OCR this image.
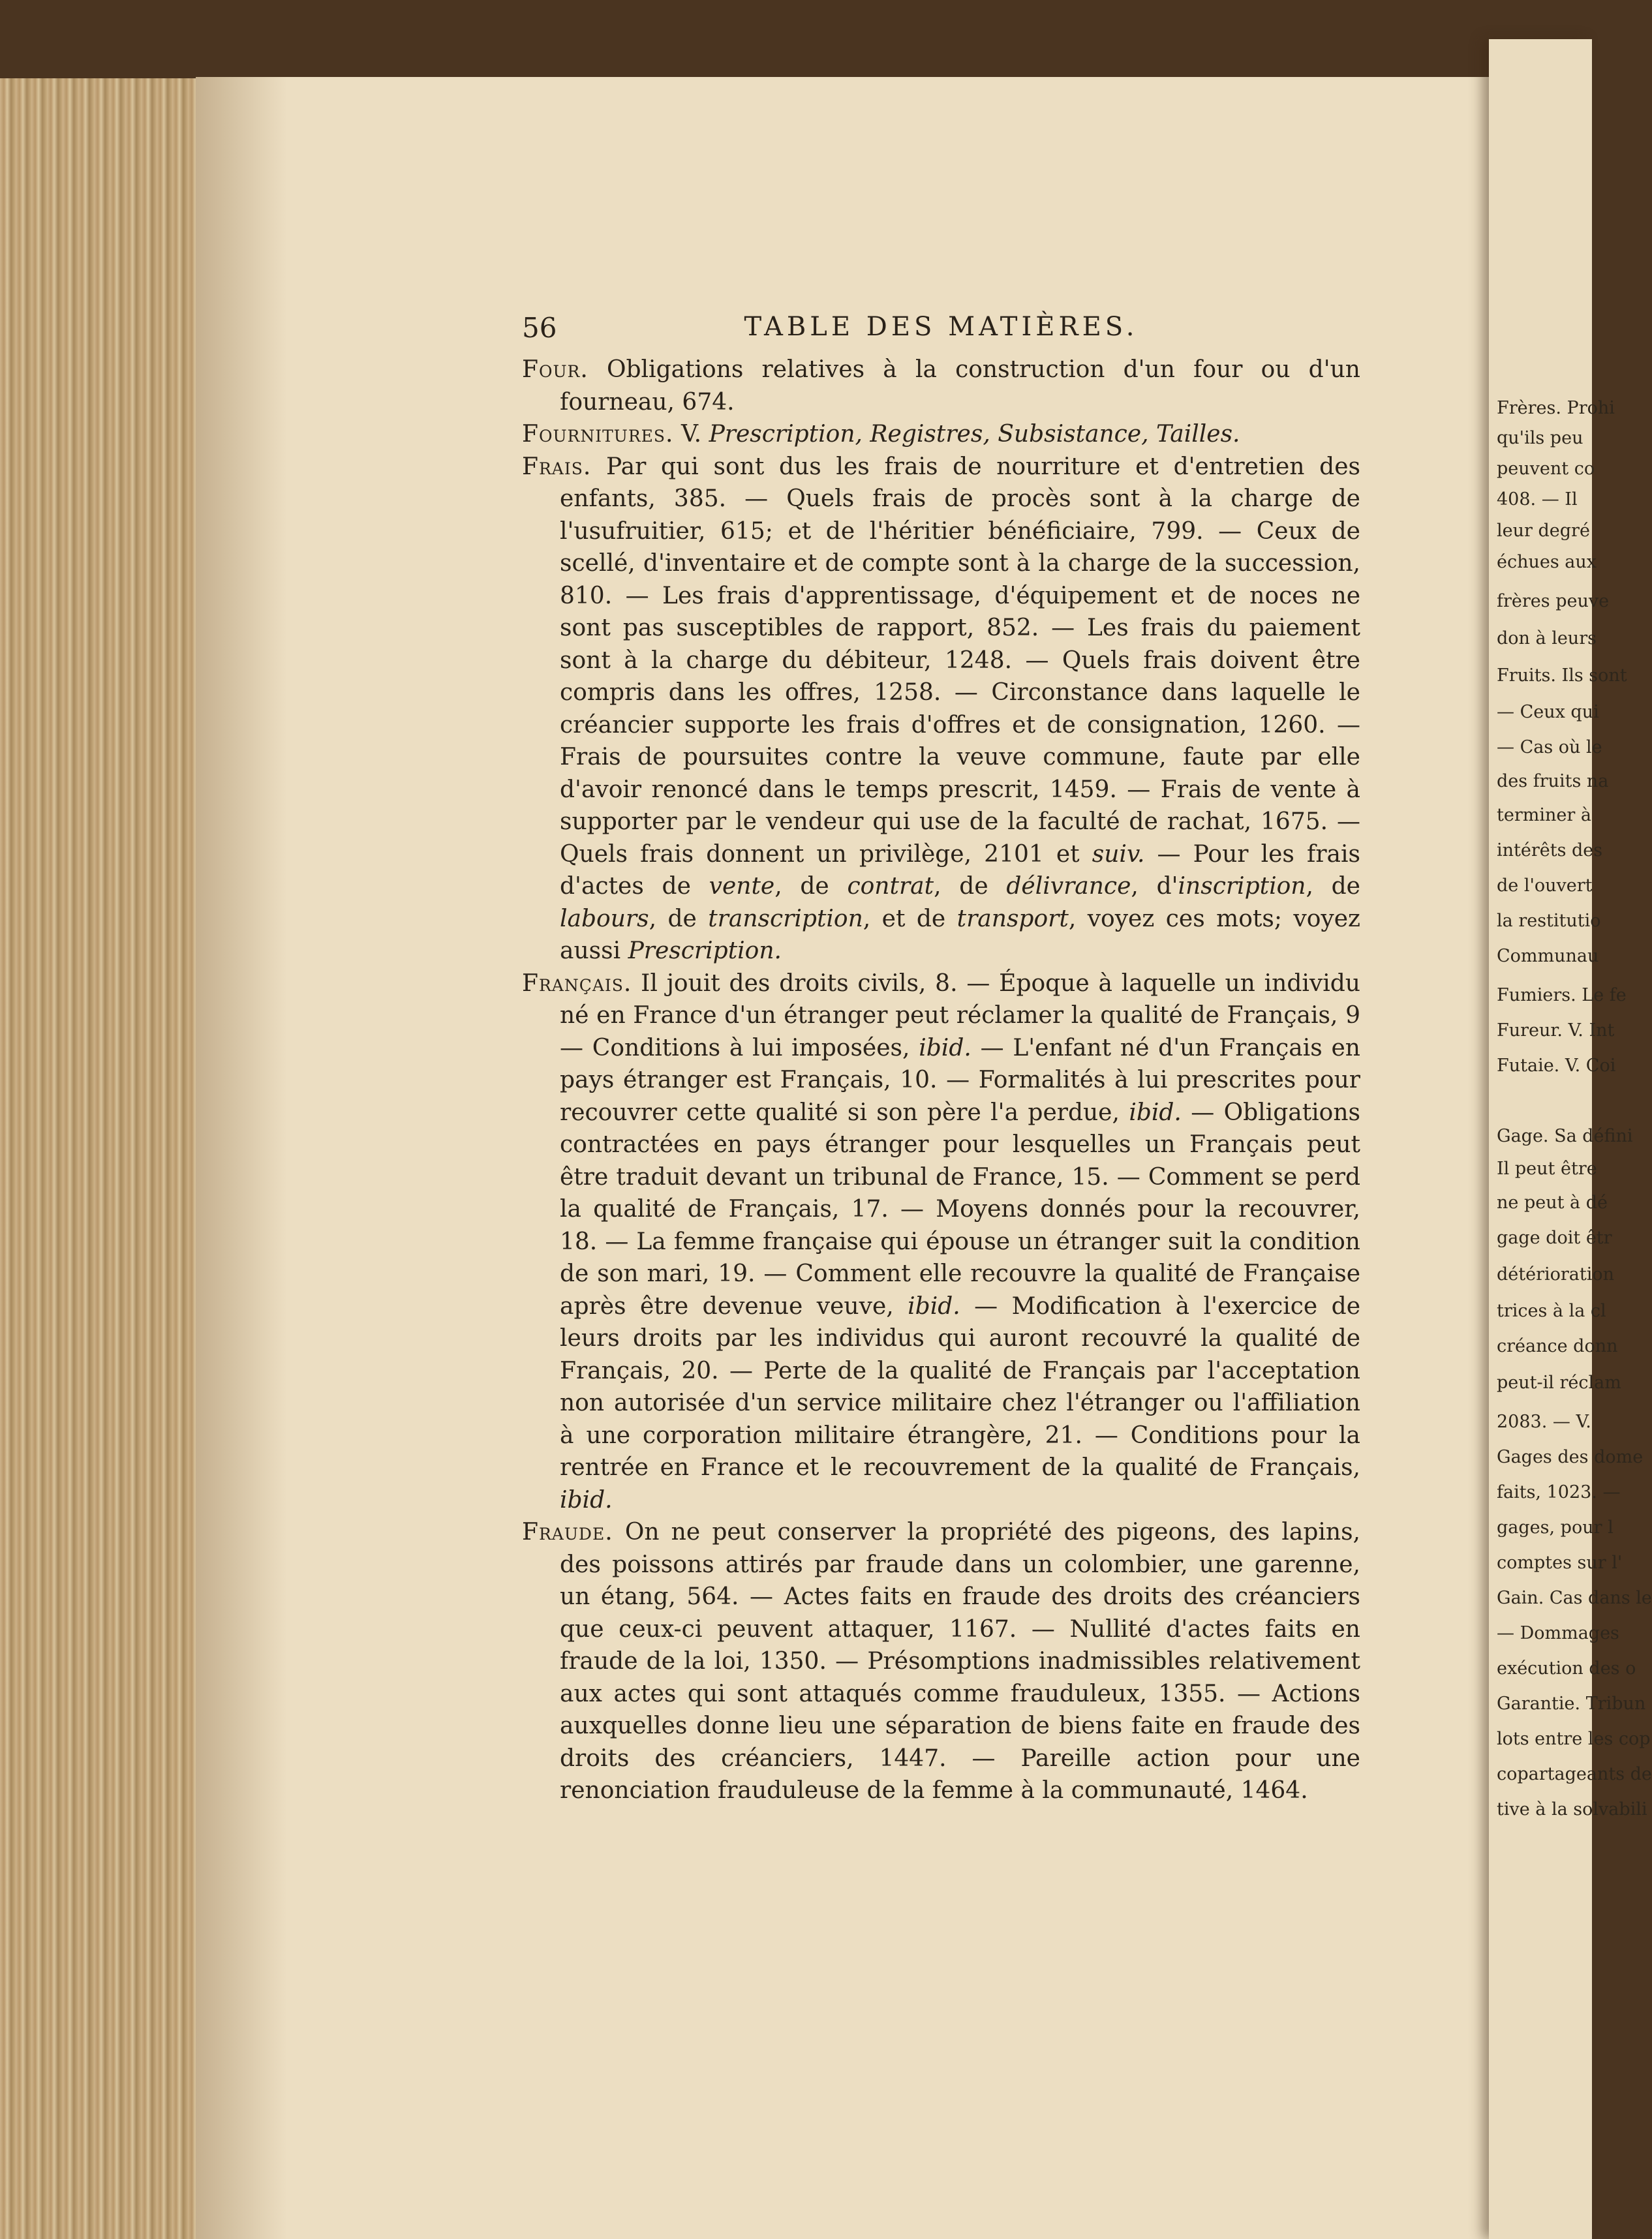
Frères. Prohi
qu'ils peu
peuvent co
408. — Il
leur degré
échues aux
frères peuve
don à leurs
Fruits. Ils sont
— Ceux qui
— Cas où le
des fruits na
terminer à
intérêts des
de l'ouvert
la restitutio
Communau
Fumiers. Le fe
Fureur. V. Int
Futaie. V. Coi
Gage. Sa défini
Il peut être
ne peut à dé
gage doit êtr
détérioration
trices à la cl
créance donn
peut-il réclam
2083. — V.
Gages des dome
faits, 1023. —
gages, pour l
comptes sur l'
Gain. Cas dans le
— Dommages
exécution des o
Garantie. Tribun
lots entre les cop
copartageants de
tive à la solvabili
56	TABLE DES MATIÈRES.

Four. Obligations relatives à la construction d'un four ou d'un fourneau, 674.

Fournitures. V. Prescription, Registres, Subsistance, Tailles.

Frais. Par qui sont dus les frais de nourriture et d'entretien des enfants, 385. — Quels frais de procès sont à la charge de l'usufruitier, 615; et de l'héritier bénéficiaire, 799. — Ceux de scellé, d'inventaire et de compte sont à la charge de la succession, 810. — Les frais d'apprentissage, d'équipement et de noces ne sont pas susceptibles de rapport, 852. — Les frais du paiement sont à la charge du débiteur, 1248. — Quels frais doivent être compris dans les offres, 1258. — Circonstance dans laquelle le créancier supporte les frais d'offres et de consignation, 1260. — Frais de poursuites contre la veuve commune, faute par elle d'avoir renoncé dans le temps prescrit, 1459. — Frais de vente à supporter par le vendeur qui use de la faculté de rachat, 1675. — Quels frais donnent un privilège, 2101 et suiv. — Pour les frais d'actes de vente, de contrat, de délivrance, d'inscription, de labours, de transcription, et de transport, voyez ces mots; voyez aussi Prescription.

Français. Il jouit des droits civils, 8. — Époque à laquelle un individu né en France d'un étranger peut réclamer la qualité de Français, 9 — Conditions à lui imposées, ibid. — L'enfant né d'un Français en pays étranger est Français, 10. — Formalités à lui prescrites pour recouvrer cette qualité si son père l'a perdue, ibid. — Obligations contractées en pays étranger pour lesquelles un Français peut être traduit devant un tribunal de France, 15. — Comment se perd la qualité de Français, 17. — Moyens donnés pour la recouvrer, 18. — La femme française qui épouse un étranger suit la condition de son mari, 19. — Comment elle recouvre la qualité de Française après être devenue veuve, ibid. — Modification à l'exercice de leurs droits par les individus qui auront recouvré la qualité de Français, 20. — Perte de la qualité de Français par l'acceptation non autorisée d'un service militaire chez l'étranger ou l'affiliation à une corporation militaire étrangère, 21. — Conditions pour la rentrée en France et le recouvrement de la qualité de Français, ibid.

Fraude. On ne peut conserver la propriété des pigeons, des lapins, des poissons attirés par fraude dans un colombier, une garenne, un étang, 564. — Actes faits en fraude des droits des créanciers que ceux-ci peuvent attaquer, 1167. — Nullité d'actes faits en fraude de la loi, 1350. — Présomptions inadmissibles relativement aux actes qui sont attaqués comme frauduleux, 1355. — Actions auxquelles donne lieu une séparation de biens faite en fraude des droits des créanciers, 1447. — Pareille action pour une renonciation frauduleuse de la femme à la communauté, 1464.
